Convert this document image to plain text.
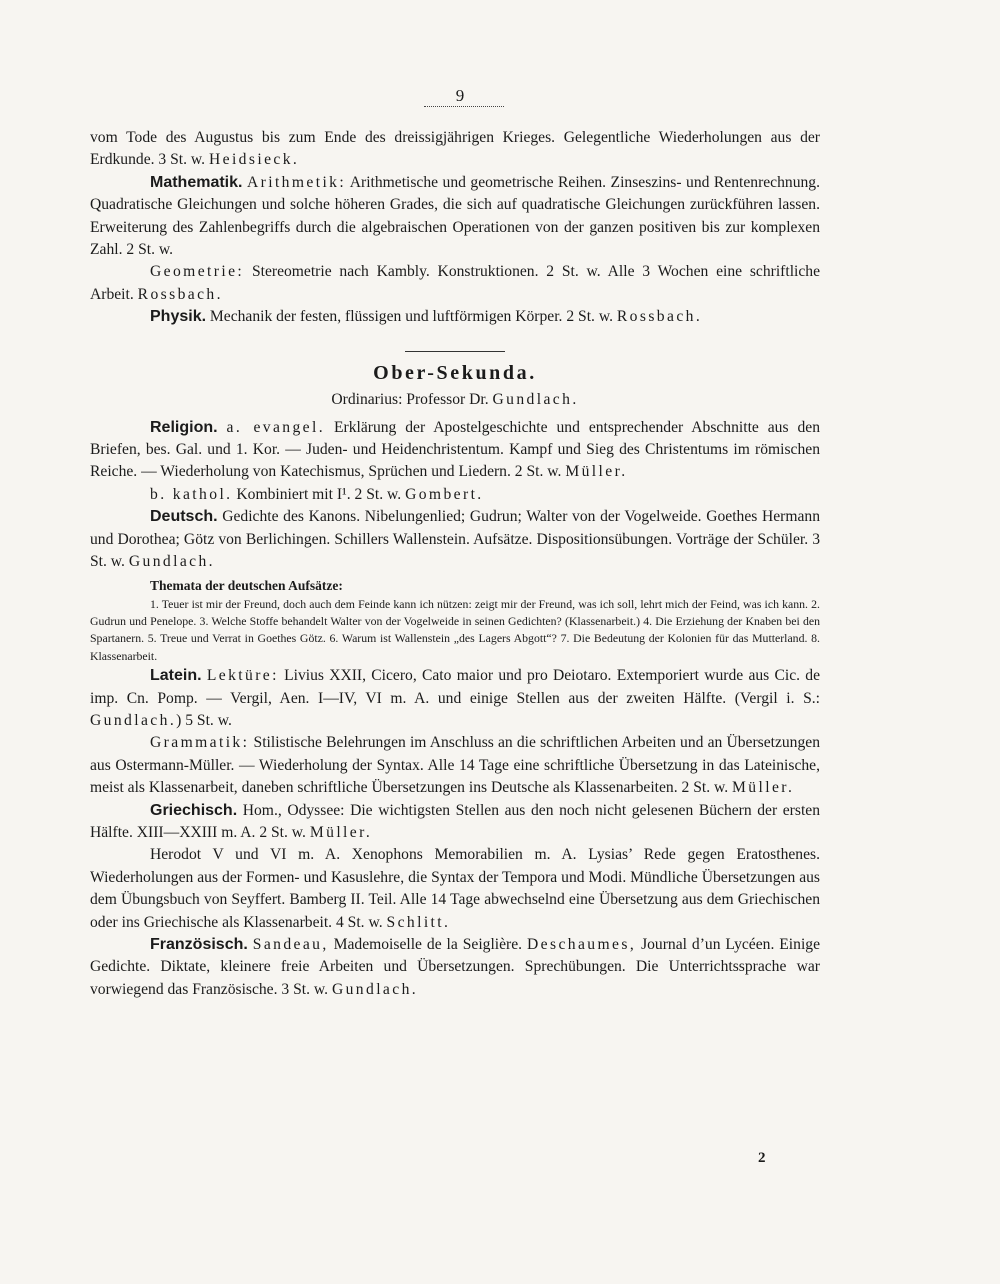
9

vom Tode des Augustus bis zum Ende des dreissigjährigen Krieges. Gelegentliche Wiederholungen aus der Erdkunde. 3 St. w. Heidsieck.

Mathematik. Arithmetik: Arithmetische und geometrische Reihen. Zinseszins- und Rentenrechnung. Quadratische Gleichungen und solche höheren Grades, die sich auf quadratische Gleichungen zurückführen lassen. Erweiterung des Zahlenbegriffs durch die algebraischen Operationen von der ganzen positiven bis zur komplexen Zahl. 2 St. w.

Geometrie: Stereometrie nach Kambly. Konstruktionen. 2 St. w. Alle 3 Wochen eine schriftliche Arbeit. Rossbach.

Physik. Mechanik der festen, flüssigen und luftförmigen Körper. 2 St. w. Rossbach.

Ober-Sekunda.
Ordinarius: Professor Dr. Gundlach.

Religion. a. evangel. Erklärung der Apostelgeschichte und entsprechender Abschnitte aus den Briefen, bes. Gal. und 1. Kor. — Juden- und Heidenchristentum. Kampf und Sieg des Christentums im römischen Reiche. — Wiederholung von Katechismus, Sprüchen und Liedern. 2 St. w. Müller.

b. kathol. Kombiniert mit I¹. 2 St. w. Gombert.

Deutsch. Gedichte des Kanons. Nibelungenlied; Gudrun; Walter von der Vogelweide. Goethes Hermann und Dorothea; Götz von Berlichingen. Schillers Wallenstein. Aufsätze. Dispositionsübungen. Vorträge der Schüler. 3 St. w. Gundlach.

Themata der deutschen Aufsätze:

1. Teuer ist mir der Freund, doch auch dem Feinde kann ich nützen: zeigt mir der Freund, was ich soll, lehrt mich der Feind, was ich kann. 2. Gudrun und Penelope. 3. Welche Stoffe behandelt Walter von der Vogelweide in seinen Gedichten? (Klassenarbeit.) 4. Die Erziehung der Knaben bei den Spartanern. 5. Treue und Verrat in Goethes Götz. 6. Warum ist Wallenstein „des Lagers Abgott“? 7. Die Bedeutung der Kolonien für das Mutterland. 8. Klassenarbeit.

Latein. Lektüre: Livius XXII, Cicero, Cato maior und pro Deiotaro. Extemporiert wurde aus Cic. de imp. Cn. Pomp. — Vergil, Aen. I—IV, VI m. A. und einige Stellen aus der zweiten Hälfte. (Vergil i. S.: Gundlach.) 5 St. w.

Grammatik: Stilistische Belehrungen im Anschluss an die schriftlichen Arbeiten und an Übersetzungen aus Ostermann-Müller. — Wiederholung der Syntax. Alle 14 Tage eine schriftliche Übersetzung in das Lateinische, meist als Klassenarbeit, daneben schriftliche Übersetzungen ins Deutsche als Klassenarbeiten. 2 St. w. Müller.

Griechisch. Hom., Odyssee: Die wichtigsten Stellen aus den noch nicht gelesenen Büchern der ersten Hälfte. XIII—XXIII m. A. 2 St. w. Müller.

Herodot V und VI m. A. Xenophons Memorabilien m. A. Lysias’ Rede gegen Eratosthenes. Wiederholungen aus der Formen- und Kasuslehre, die Syntax der Tempora und Modi. Mündliche Übersetzungen aus dem Übungsbuch von Seyffert. Bamberg II. Teil. Alle 14 Tage abwechselnd eine Übersetzung aus dem Griechischen oder ins Griechische als Klassenarbeit. 4 St. w. Schlitt.

Französisch. Sandeau, Mademoiselle de la Seiglière. Deschaumes, Journal d’un Lycéen. Einige Gedichte. Diktate, kleinere freie Arbeiten und Übersetzungen. Sprechübungen. Die Unterrichtssprache war vorwiegend das Französische. 3 St. w. Gundlach.

2
